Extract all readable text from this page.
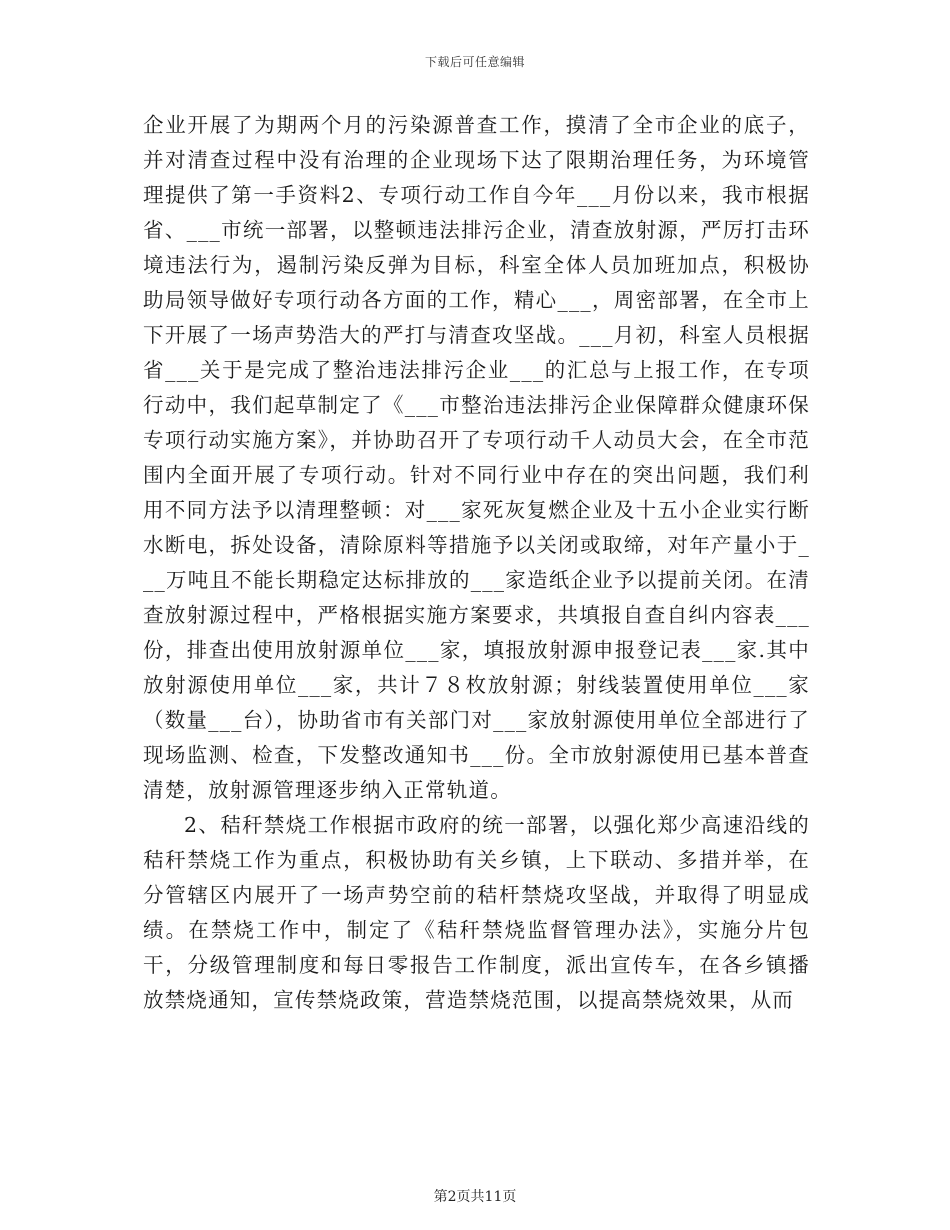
下载后可任意编辑

企业开展了为期两个月的污染源普查工作，摸清了全市企业的底子，并对清查过程中没有治理的企业现场下达了限期治理任务，为环境管理提供了第一手资料2、专项行动工作自今年___月份以来，我市根据省、___市统一部署，以整顿违法排污企业，清查放射源，严厉打击环境违法行为，遏制污染反弹为目标，科室全体人员加班加点，积极协助局领导做好专项行动各方面的工作，精心___，周密部署，在全市上下开展了一场声势浩大的严打与清查攻坚战。___月初，科室人员根据省___关于是完成了整治违法排污企业___的汇总与上报工作，在专项行动中，我们起草制定了《___市整治违法排污企业保障群众健康环保专项行动实施方案》，并协助召开了专项行动千人动员大会，在全市范围内全面开展了专项行动。针对不同行业中存在的突出问题，我们利用不同方法予以清理整顿：对___家死灰复燃企业及十五小企业实行断水断电，拆处设备，清除原料等措施予以关闭或取缔，对年产量小于___万吨且不能长期稳定达标排放的___家造纸企业予以提前关闭。在清查放射源过程中，严格根据实施方案要求，共填报自查自纠内容表___份，排查出使用放射源单位___家，填报放射源申报登记表___家.其中放射源使用单位___家，共计７８枚放射源；射线装置使用单位___家（数量___台），协助省市有关部门对___家放射源使用单位全部进行了现场监测、检查，下发整改通知书___份。全市放射源使用已基本普查清楚，放射源管理逐步纳入正常轨道。

2、秸秆禁烧工作根据市政府的统一部署，以强化郑少高速沿线的秸秆禁烧工作为重点，积极协助有关乡镇，上下联动、多措并举，在分管辖区内展开了一场声势空前的秸杆禁烧攻坚战，并取得了明显成绩。在禁烧工作中，制定了《秸秆禁烧监督管理办法》，实施分片包干，分级管理制度和每日零报告工作制度，派出宣传车，在各乡镇播放禁烧通知，宣传禁烧政策，营造禁烧范围，以提高禁烧效果，从而

第2页共11页
